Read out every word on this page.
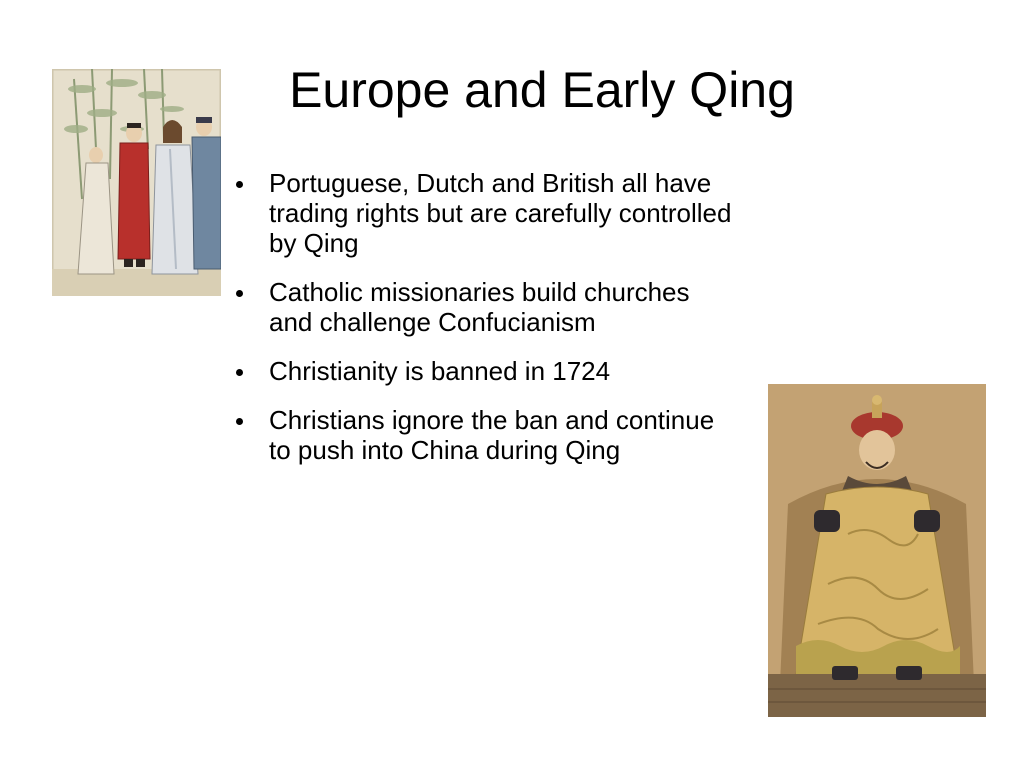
Europe and Early Qing
Portuguese, Dutch and British all have trading rights but are carefully controlled by Qing
Catholic missionaries build churches and challenge Confucianism
Christianity is banned in 1724
Christians ignore the ban and continue to push into China during Qing
